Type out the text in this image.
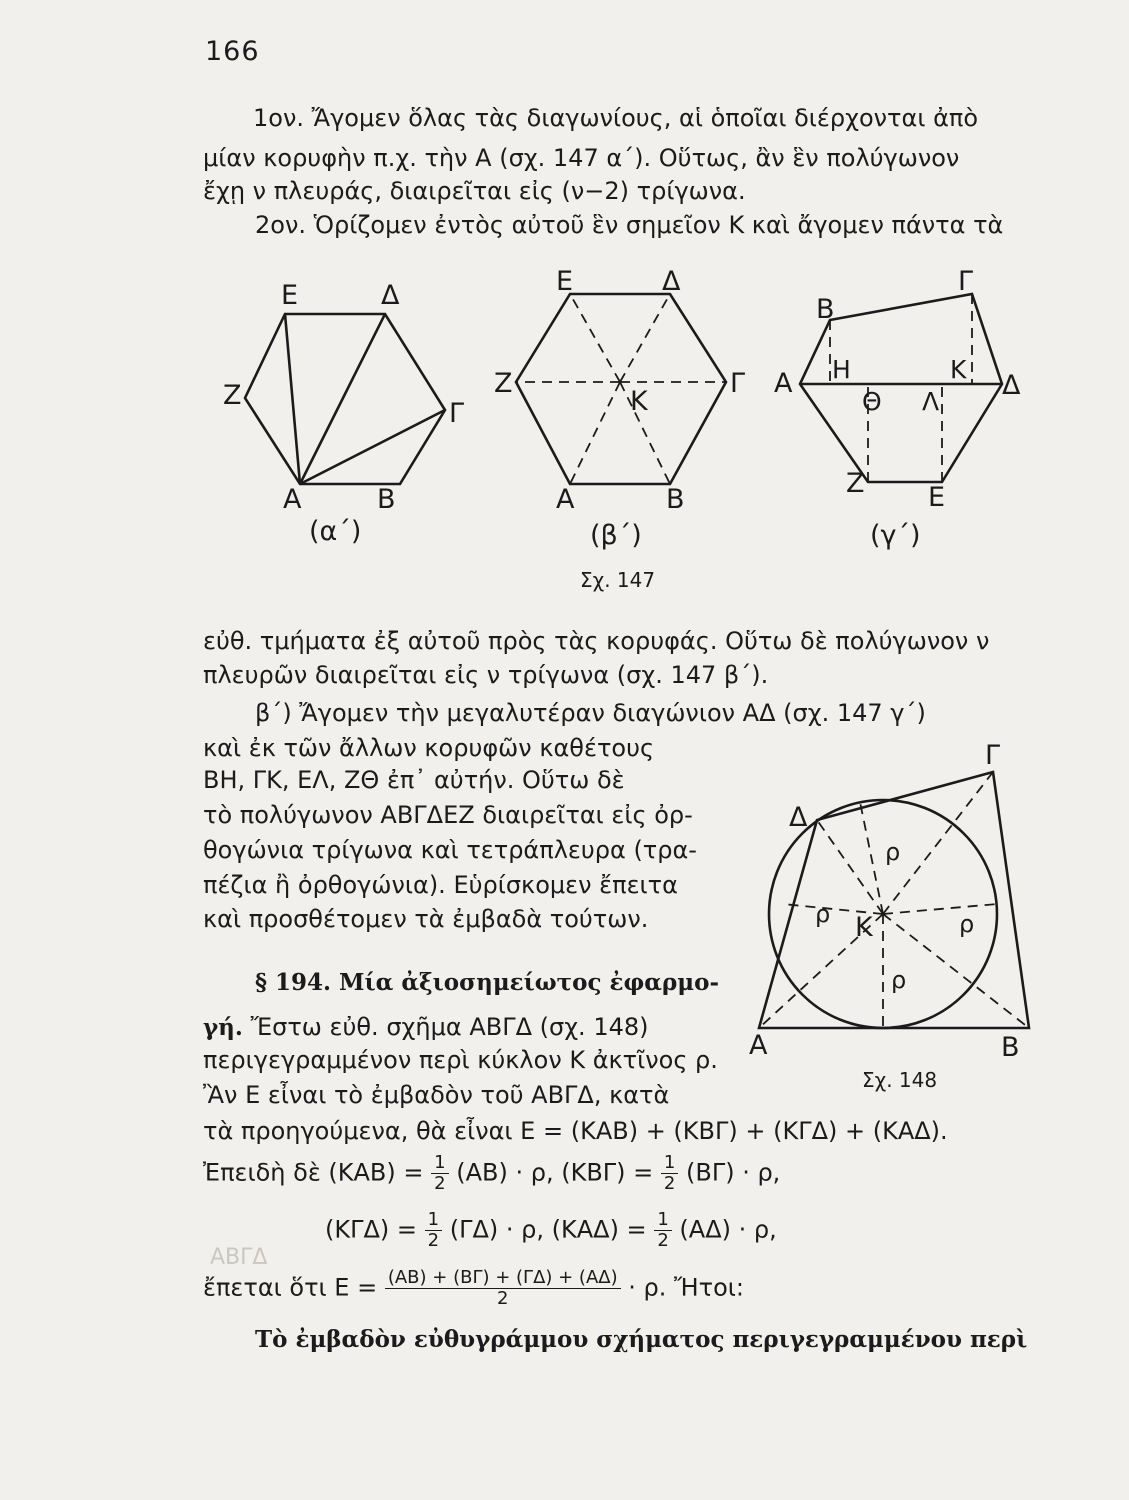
ΑΒΓΔ
166
1ον. Ἄγομεν ὅλας τὰς διαγωνίους, αἱ ὁποῖαι διέρχονται ἀπὸ
μίαν κορυφὴν π.χ. τὴν Α (σχ. 147 α΄). Οὕτως, ἂν ἓν πολύγωνον
ἔχῃ ν πλευράς, διαιρεῖται εἰς (ν−2) τρίγωνα.
2ον. Ὁρίζομεν ἐντὸς αὐτοῦ ἓν σημεῖον Κ καὶ ἄγομεν πάντα τὰ
Ε	Δ
Ζ
Γ
Α	Β
(α΄)
Ε	Δ
Ζ	Γ
Κ
Α	Β
(β΄)
Β
Γ
Α	Δ
Η	Κ
Θ Λ
Ζ Ε
(γ΄)
Σχ. 147
εὐθ. τμήματα ἐξ αὐτοῦ πρὸς τὰς κορυφάς. Οὕτω δὲ πολύγωνον ν
πλευρῶν διαιρεῖται εἰς ν τρίγωνα (σχ. 147 β΄).
β΄) Ἄγομεν τὴν μεγαλυτέραν διαγώνιον ΑΔ (σχ. 147 γ΄)
καὶ ἐκ τῶν ἄλλων κορυφῶν καθέτους
ΒΗ, ΓΚ, ΕΛ, ΖΘ ἐπ᾽ αὐτήν. Οὕτω δὲ
τὸ πολύγωνον ΑΒΓΔΕΖ διαιρεῖται εἰς ὀρ-
θογώνια τρίγωνα καὶ τετράπλευρα (τρα-
πέζια ἢ ὀρθογώνια). Εὑρίσκομεν ἔπειτα
καὶ προσθέτομεν τὰ ἐμβαδὰ τούτων.
Γ
Δ
Α	Β
Κ
ρ
ρ
ρ
ρ
Σχ. 148
§ 194. Μία ἀξιοσημείωτος ἐφαρμο-
γή. Ἔστω εὐθ. σχῆμα ΑΒΓΔ (σχ. 148)
περιγεγραμμένον περὶ κύκλον Κ ἀκτῖνος ρ.
Ἂν Ε εἶναι τὸ ἐμβαδὸν τοῦ ΑΒΓΔ, κατὰ
τὰ προηγούμενα, θὰ εἶναι Ε = (ΚΑΒ) + (ΚΒΓ) + (ΚΓΔ) + (ΚΑΔ).
Ἐπειδὴ δὲ $(KAB) = \frac{1}{2} (AB) \cdot \rho$, $(KB\Gamma) = \frac{1}{2} (B\Gamma) \cdot \rho$,
$(K\Gamma\Delta) = \frac{1}{2} (\Gamma\Delta) \cdot \rho$, $(KA\Delta) = \frac{1}{2} (A\Delta) \cdot \rho$,
ἔπεται ὅτι $E = \frac{(AB) + (B\Gamma) + (\Gamma\Delta) + (A\Delta)}{2} \cdot \rho$. Ἤτοι:
Τὸ ἐμβαδὸν εὐθυγράμμου σχήματος περιγεγραμμένου περὶ
